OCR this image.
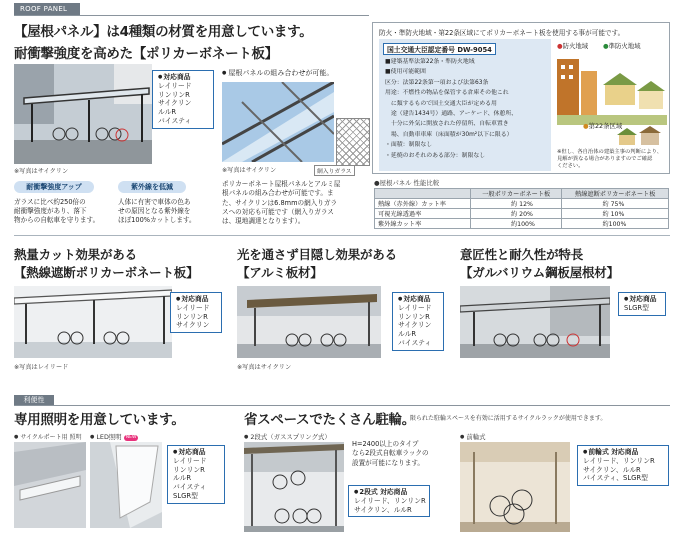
ROOF PANEL
【屋根パネル】は4種類の材質を用意しています。
耐衝撃強度を高めた【ポリカーボネート板】
● 対応商品
レイリード
リンリンR
サイクリン
ルルR
バイスティ
※写真はサイクリン
耐衝撃強度アップ	紫外線を低減
ガラスに比べ約250倍の
耐衝撃強度があり、落下
物からの自転車を守ります。
人体に有害で車体の色あ
せの原因となる紫外線を
ほぼ100%カットします。
● 屋根パネルの組み合わせが可能。
網入りガラス
※写真はサイクリン
ポリカーボネート屋根パネルとアルミ屋
根パネルの組み合わせが可能です。ま
た、サイクリンは6.8mmの網入りガラ
スへの対応も可能です（網入りガラス
は、現地調達となります）。
防火・準防火地域・第22条区域にてポリカーボネート板を使用する事が可能です。
国土交通大臣認定番号 DW-9054
■建築基準法第22条・準防火地域
■使用可能範囲
区分：法第22条第一項および法第63条
用途：不燃性の物品を保管する倉庫その他これ
　に類するもので国土交通大臣が定める用
　途（建告1434号）通路、アーケード、休憩所、
　十分に外気に開放された停留所、自転車置き
　場、自動車車庫（床面積が30m²以下に限る）
・面積：制限なし
・延焼のおそれのある部分：制限なし
●防火地域 ●準防火地域
●第22条区域
※但し、各自治体の建築主事の判断により、
見解が異なる場合がありますのでご確認
ください。
●屋根パネル 性能比較
	一般ポリカーボネート板	熱線遮断ポリカーボネート板
熱線（赤外線）カット率	約 12%	約 75%
可視光線透過率	約 20%	約 10%
紫外線カット率	約100%	約100%
熱量カット効果がある
【熱線遮断ポリカーボネート板】
● 対応商品
レイリード
リンリンR
サイクリン
※写真はレイリード
光を通さず目隠し効果がある
【アルミ板材】
● 対応商品
レイリード
リンリンR
サイクリン
ルルR
バイスティ
※写真はサイクリン
意匠性と耐久性が特長
【ガルバリウム鋼板屋根材】
● 対応商品
SLGR型
利便性
専用照明を用意しています。
● サイクルポート用 照明 ●	LED照明 NEW
● 対応商品
レイリード
リンリンR
ルルR
バイスティ
SLGR型
省スペースでたくさん駐輪。
限られた駐輪スペースを有効に活用するサイクルラックが使用できます。
● 2段式（ガススプリング式）
H=2400以上のタイプ
なら2段式自転車ラックの
設置が可能になります。
● 2段式 対応商品
レイリード、リンリンR
サイクリン、ルルR
● 前輪式
● 前輪式 対応商品
レイリード、リンリンR
サイクリン、ルルR
バイスティ、SLGR型
